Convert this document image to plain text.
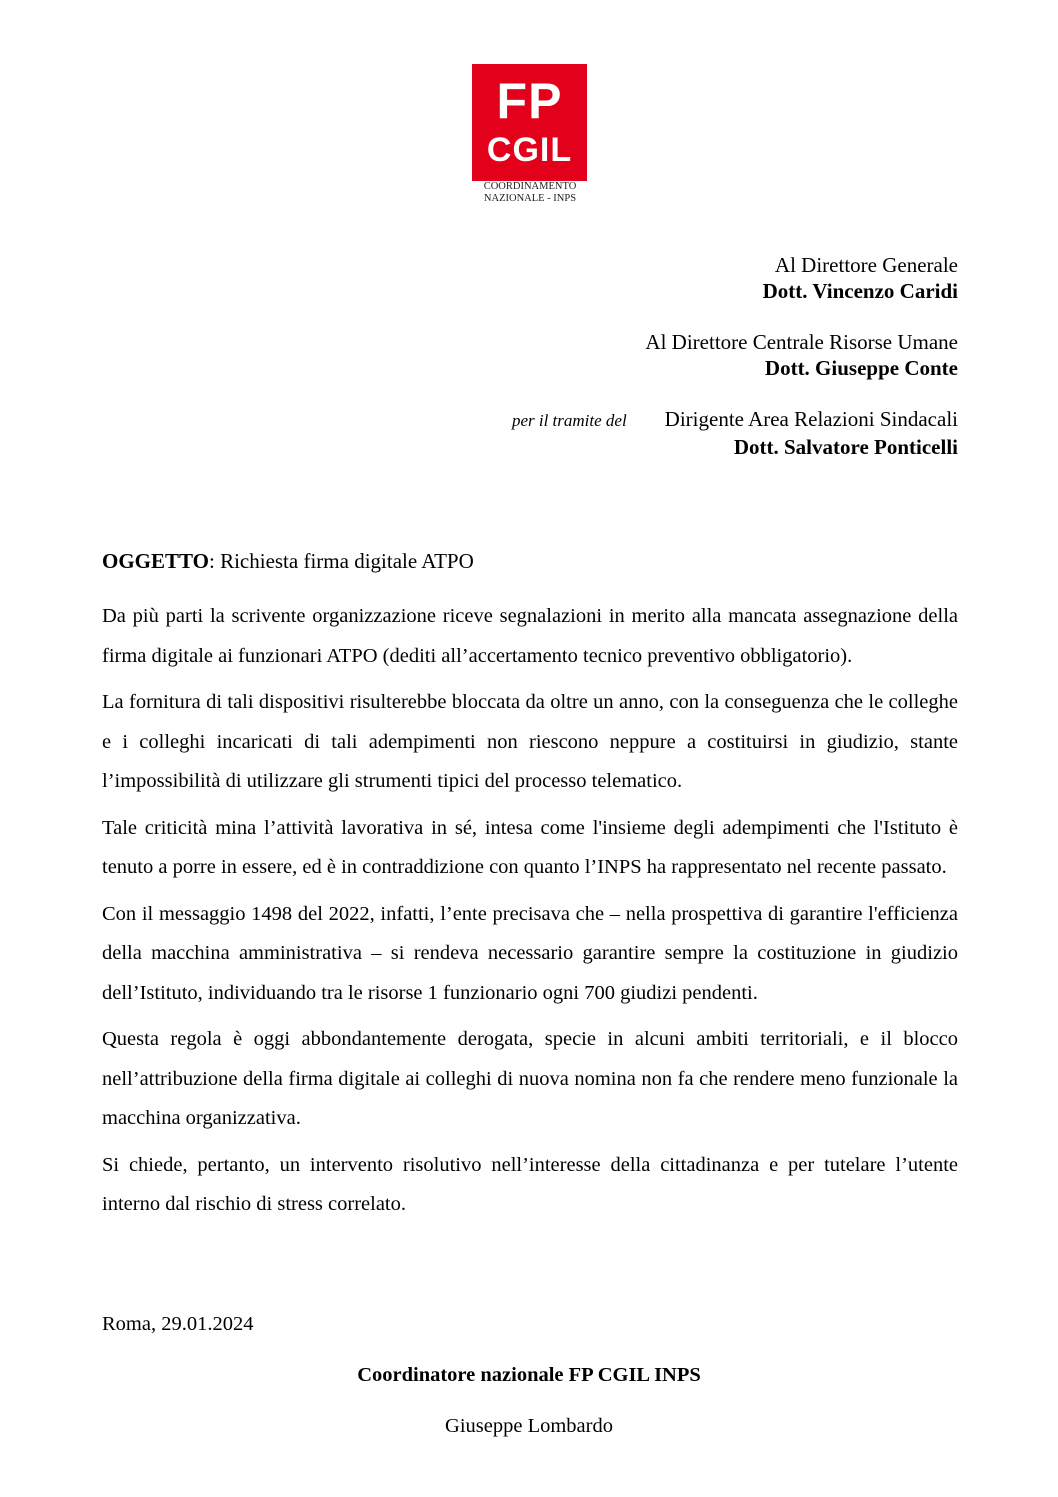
FP
CGIL
COORDINAMENTO
NAZIONALE - INPS
Al Direttore Generale
Dott. Vincenzo Caridi
Al Direttore Centrale Risorse Umane
Dott. Giuseppe Conte
per il tramite del Dirigente Area Relazioni Sindacali
Dott. Salvatore Ponticelli
OGGETTO: Richiesta firma digitale ATPO

Da più parti la scrivente organizzazione riceve segnalazioni in merito alla mancata assegnazione della firma digitale ai funzionari ATPO (dediti all’accertamento tecnico preventivo obbligatorio).

La fornitura di tali dispositivi risulterebbe bloccata da oltre un anno, con la conseguenza che le colleghe e i colleghi incaricati di tali adempimenti non riescono neppure a costituirsi in giudizio, stante l’impossibilità di utilizzare gli strumenti tipici del processo telematico.

Tale criticità mina l’attività lavorativa in sé, intesa come l'insieme degli adempimenti che l'Istituto è tenuto a porre in essere, ed è in contraddizione con quanto l’INPS ha rappresentato nel recente passato.

Con il messaggio 1498 del 2022, infatti, l’ente precisava che – nella prospettiva di garantire l'efficienza della macchina amministrativa – si rendeva necessario garantire sempre la costituzione in giudizio dell’Istituto, individuando tra le risorse 1 funzionario ogni 700 giudizi pendenti.

Questa regola è oggi abbondantemente derogata, specie in alcuni ambiti territoriali, e il blocco nell’attribuzione della firma digitale ai colleghi di nuova nomina non fa che rendere meno funzionale la macchina organizzativa.

Si chiede, pertanto, un intervento risolutivo nell’interesse della cittadinanza e per tutelare l’utente interno dal rischio di stress correlato.

Roma, 29.01.2024
Coordinatore nazionale FP CGIL INPS
Giuseppe Lombardo
